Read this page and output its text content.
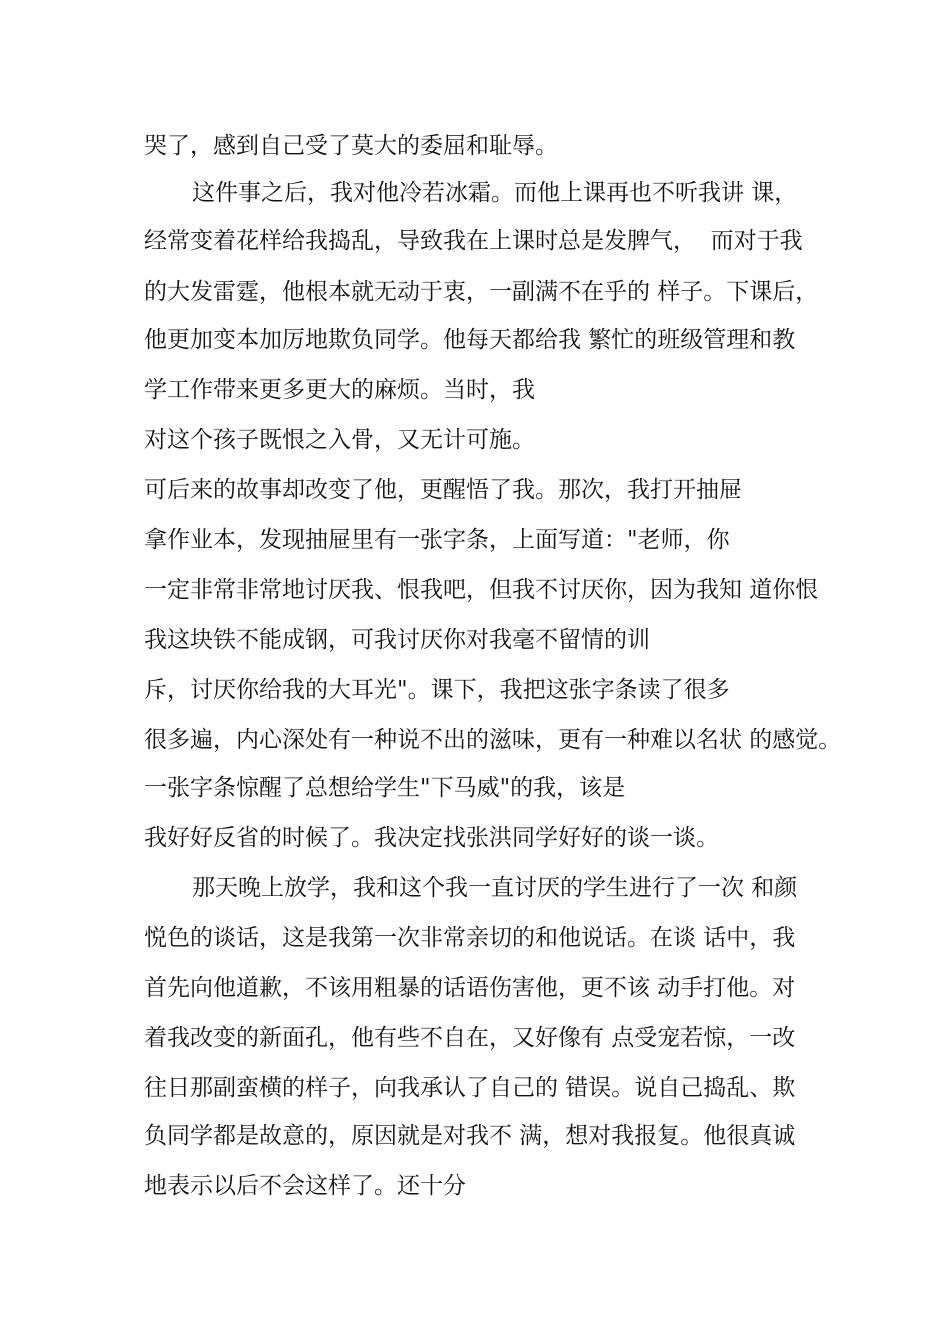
哭了，感到自己受了莫大的委屈和耻辱。
这件事之后，我对他冷若冰霜。而他上课再也不听我讲 课，
经常变着花样给我捣乱，导致我在上课时总是发脾气，  而对于我
的大发雷霆，他根本就无动于衷，一副满不在乎的 样子。下课后，
他更加变本加厉地欺负同学。他每天都给我 繁忙的班级管理和教
学工作带来更多更大的麻烦。当时，我
对这个孩子既恨之入骨，又无计可施。
可后来的故事却改变了他，更醒悟了我。那次，我打开抽屉
拿作业本，发现抽屉里有一张字条，上面写道："老师，你
一定非常非常地讨厌我、恨我吧，但我不讨厌你，因为我知 道你恨
我这块铁不能成钢，可我讨厌你对我毫不留情的训
斥，讨厌你给我的大耳光"。课下，我把这张字条读了很多
很多遍，内心深处有一种说不出的滋味，更有一种难以名状 的感觉。
一张字条惊醒了总想给学生"下马威"的我，该是
我好好反省的时候了。我决定找张洪同学好好的谈一谈。
那天晚上放学，我和这个我一直讨厌的学生进行了一次 和颜
悦色的谈话，这是我第一次非常亲切的和他说话。在谈 话中，我
首先向他道歉，不该用粗暴的话语伤害他，更不该 动手打他。对
着我改变的新面孔，他有些不自在，又好像有 点受宠若惊，一改
往日那副蛮横的样子，向我承认了自己的 错误。说自己捣乱、欺
负同学都是故意的，原因就是对我不 满，想对我报复。他很真诚
地表示以后不会这样了。还十分
